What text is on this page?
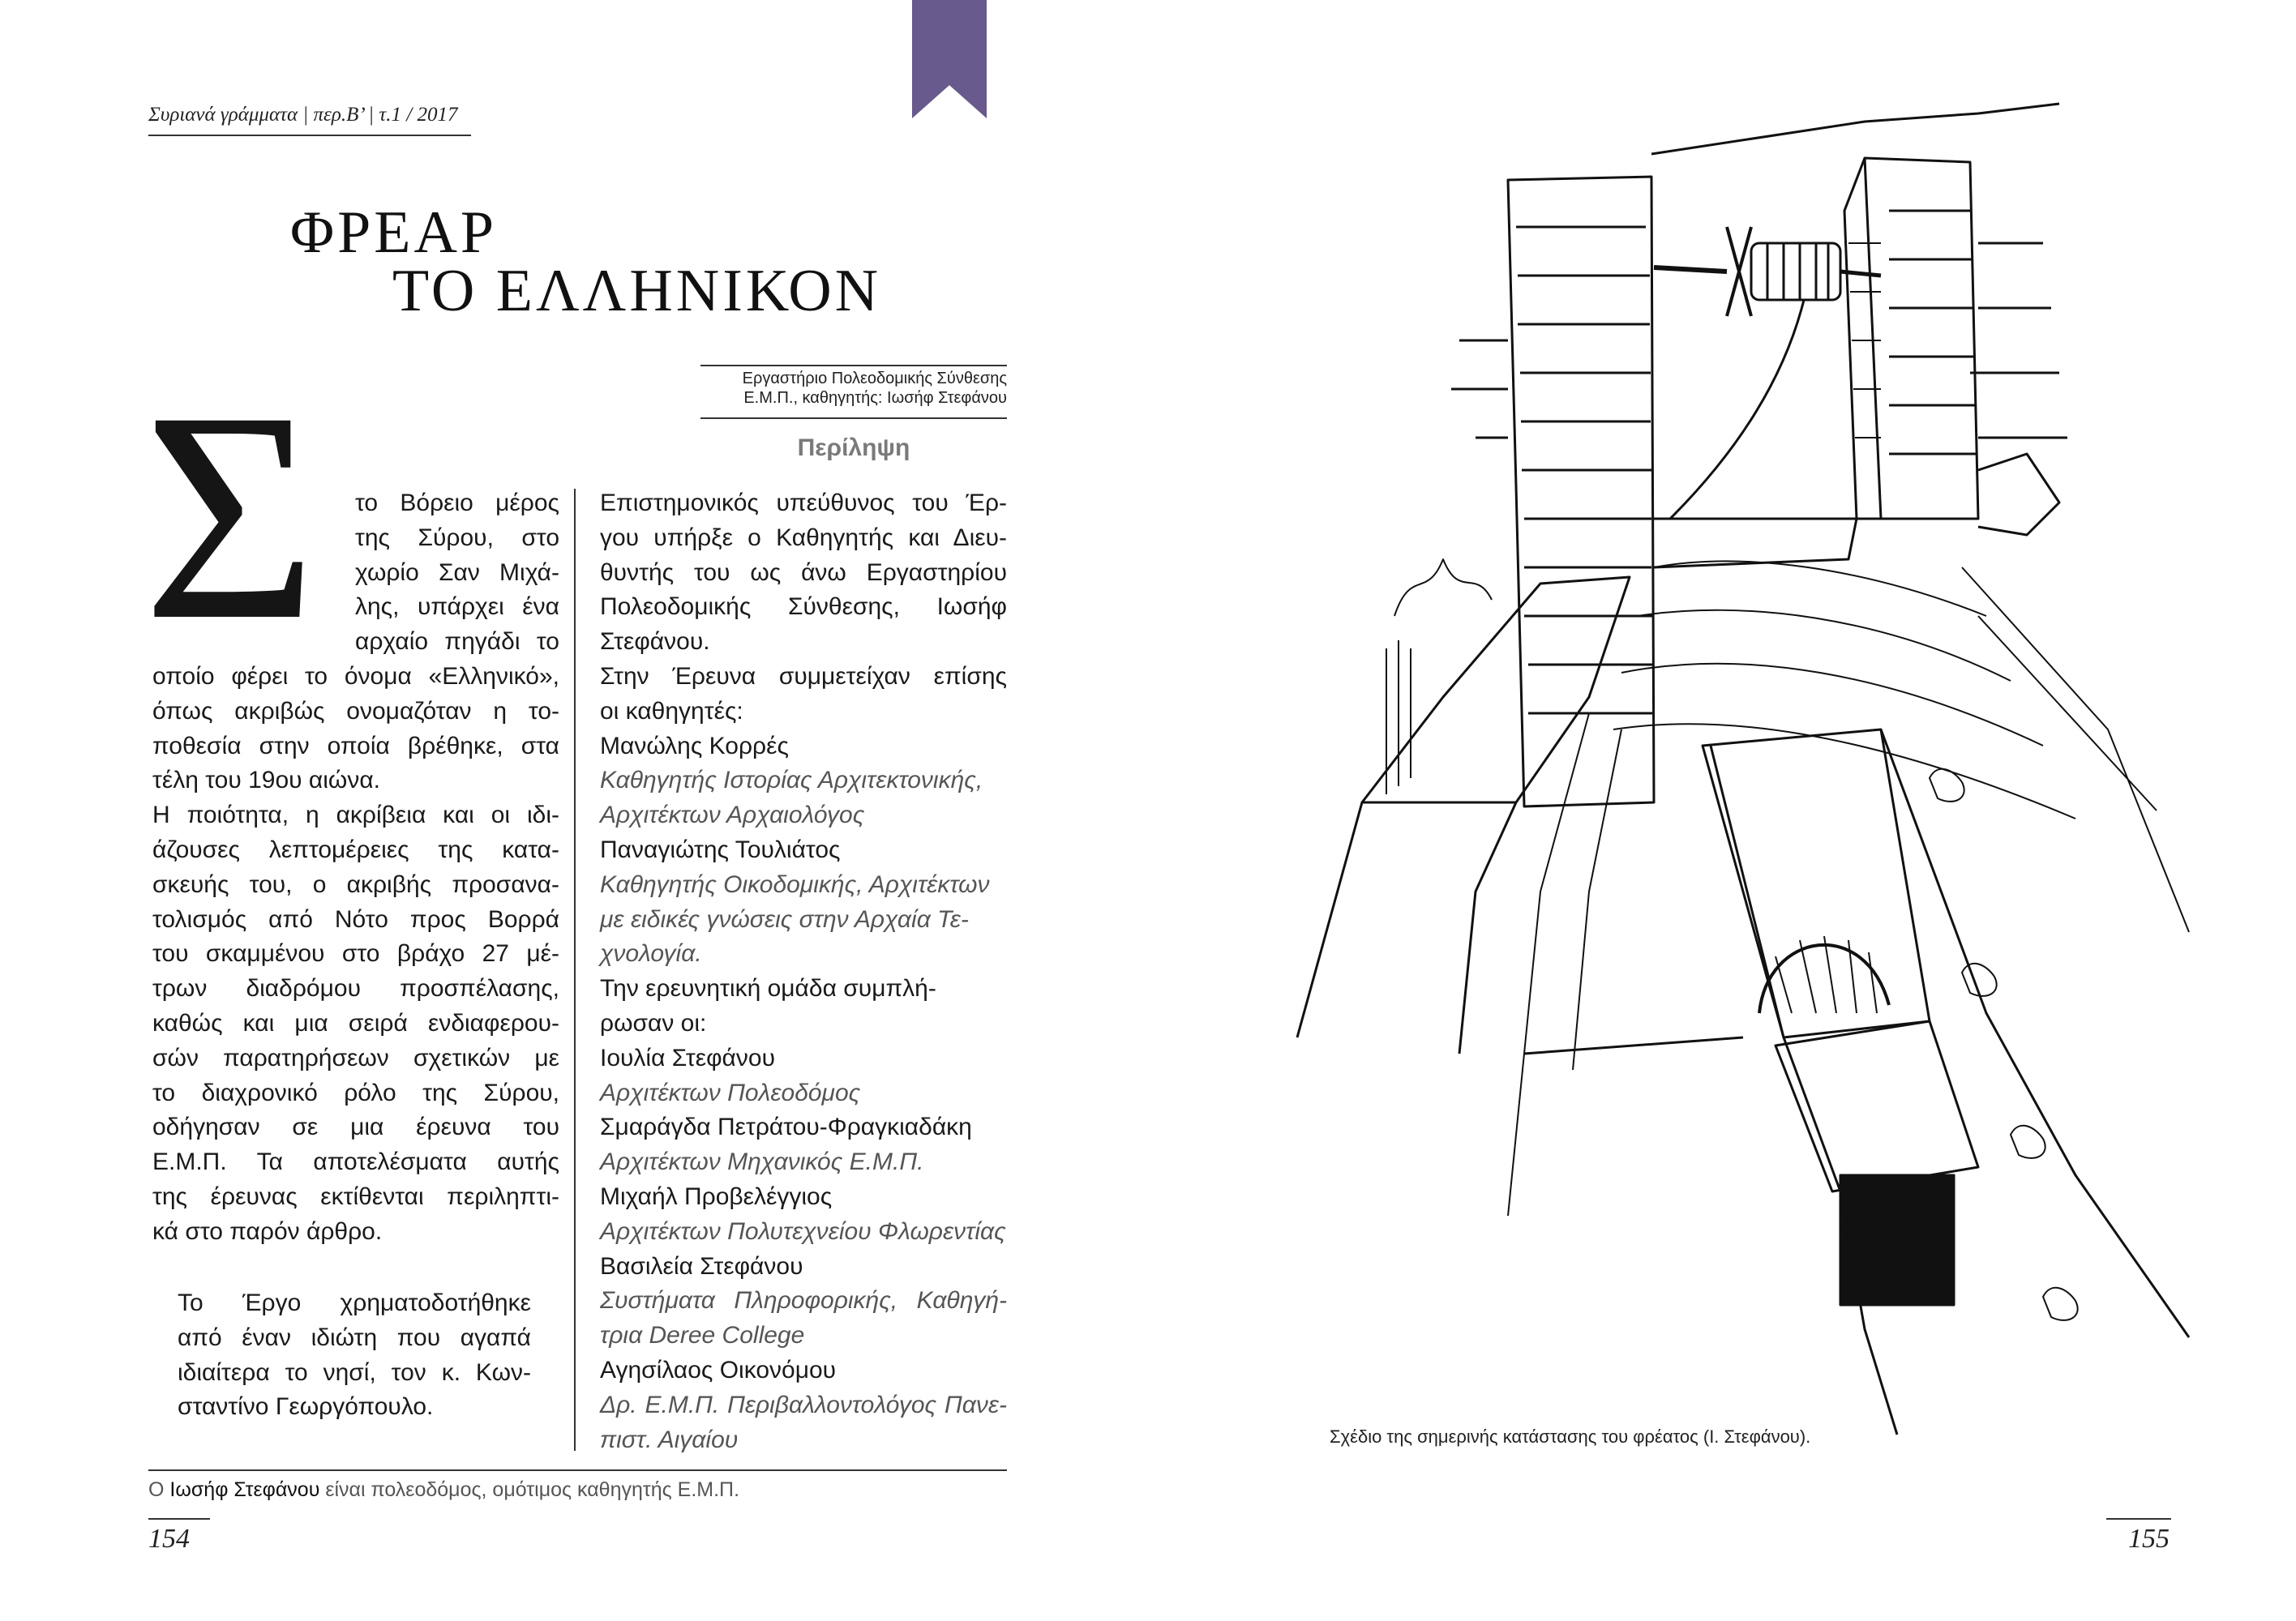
Συριανά γράμματα | περ.Β’ | τ.1 / 2017
ΦΡΕΑΡ
ΤΟ ΕΛΛΗΝΙΚΟΝ
Εργαστήριο Πολεοδομικής Σύνθεσης
Ε.Μ.Π., καθηγητής: Ιωσήφ Στεφάνου
Περίληψη
Σ το Βόρειο μέρος
της Σύρου, στο
χωρίο Σαν Μιχά-
λης, υπάρχει ένα
αρχαίο πηγάδι το
οποίο φέρει το όνομα «Ελληνικό»,
όπως ακριβώς ονομαζόταν η το-
ποθεσία στην οποία βρέθηκε, στα
τέλη του 19ου αιώνα.
Η ποιότητα, η ακρίβεια και οι ιδι-
άζουσες λεπτομέρειες της κατα-
σκευής του, ο ακριβής προσανα-
τολισμός από Νότο προς Βορρά
του σκαμμένου στο βράχο 27 μέ-
τρων διαδρόμου προσπέλασης,
καθώς και μια σειρά ενδιαφερου-
σών παρατηρήσεων σχετικών με
το διαχρονικό ρόλο της Σύρου,
οδήγησαν σε μια έρευνα του
Ε.Μ.Π. Τα αποτελέσματα αυτής
της έρευνας εκτίθενται περιληπτι-
κά στο παρόν άρθρο.
Το Έργο χρηματοδοτήθηκε
από έναν ιδιώτη που αγαπά
ιδιαίτερα το νησί, τον κ. Κων-
σταντίνο Γεωργόπουλο.
Επιστημονικός υπεύθυνος του Έρ-
γου υπήρξε ο Καθηγητής και Διευ-
θυντής του ως άνω Εργαστηρίου
Πολεοδομικής Σύνθεσης, Ιωσήφ
Στεφάνου.
Στην Έρευνα συμμετείχαν επίσης
οι καθηγητές:
Μανώλης Κορρές
Καθηγητής Ιστορίας Αρχιτεκτονικής,
Αρχιτέκτων Αρχαιολόγος
Παναγιώτης Τουλιάτος
Καθηγητής Οικοδομικής, Αρχιτέκτων
με ειδικές γνώσεις στην Αρχαία Τε-
χνολογία.
Την ερευνητική ομάδα συμπλή-
ρωσαν οι:
Ιουλία Στεφάνου
Αρχιτέκτων Πολεοδόμος
Σμαράγδα Πετράτου-Φραγκιαδάκη
Αρχιτέκτων Μηχανικός Ε.Μ.Π.
Μιχαήλ Προβελέγγιος
Αρχιτέκτων Πολυτεχνείου Φλωρεντίας
Βασιλεία Στεφάνου
Συστήματα Πληροφορικής, Καθηγή-
τρια Deree College
Αγησίλαος Οικονόμου
Δρ. Ε.Μ.Π. Περιβαλλοντολόγος Πανε-
πιστ. Αιγαίου
Ο Ιωσήφ Στεφάνου είναι πολεοδόμος, ομότιμος καθηγητής Ε.Μ.Π.
154	155
Σχέδιο της σημερινής κατάστασης του φρέατος (Ι. Στεφάνου).
